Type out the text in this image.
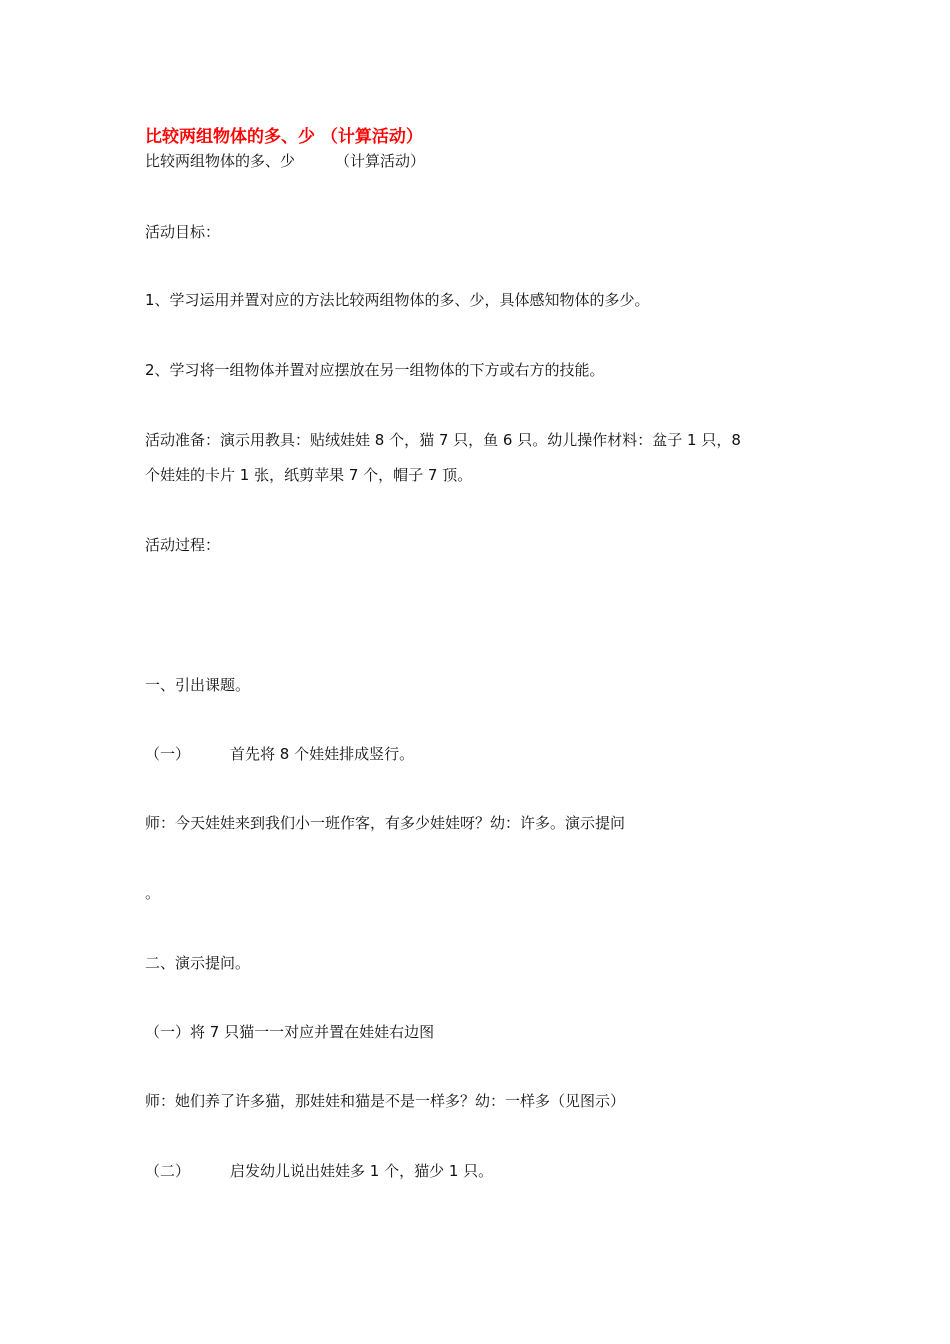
比较两组物体的多、少 （计算活动）
比较两组物体的多、少	（计算活动）
活动目标：
1、学习运用并置对应的方法比较两组物体的多、少，具体感知物体的多少。
2、学习将一组物体并置对应摆放在另一组物体的下方或右方的技能。
活动准备：演示用教具：贴绒娃娃 8 个，猫 7 只，鱼 6 只。幼儿操作材料：盆子 1 只，8
个娃娃的卡片 1 张，纸剪苹果 7 个，帽子 7 顶。
活动过程：
一、引出课题。
（一）	首先将 8 个娃娃排成竖行。
师：今天娃娃来到我们小一班作客，有多少娃娃呀？幼：许多。演示提问
。
二、演示提问。
（一）将 7 只猫一一对应并置在娃娃右边图
师：她们养了许多猫，那娃娃和猫是不是一样多？幼：一样多（见图示）
（二）	启发幼儿说出娃娃多 1 个，猫少 1 只。
